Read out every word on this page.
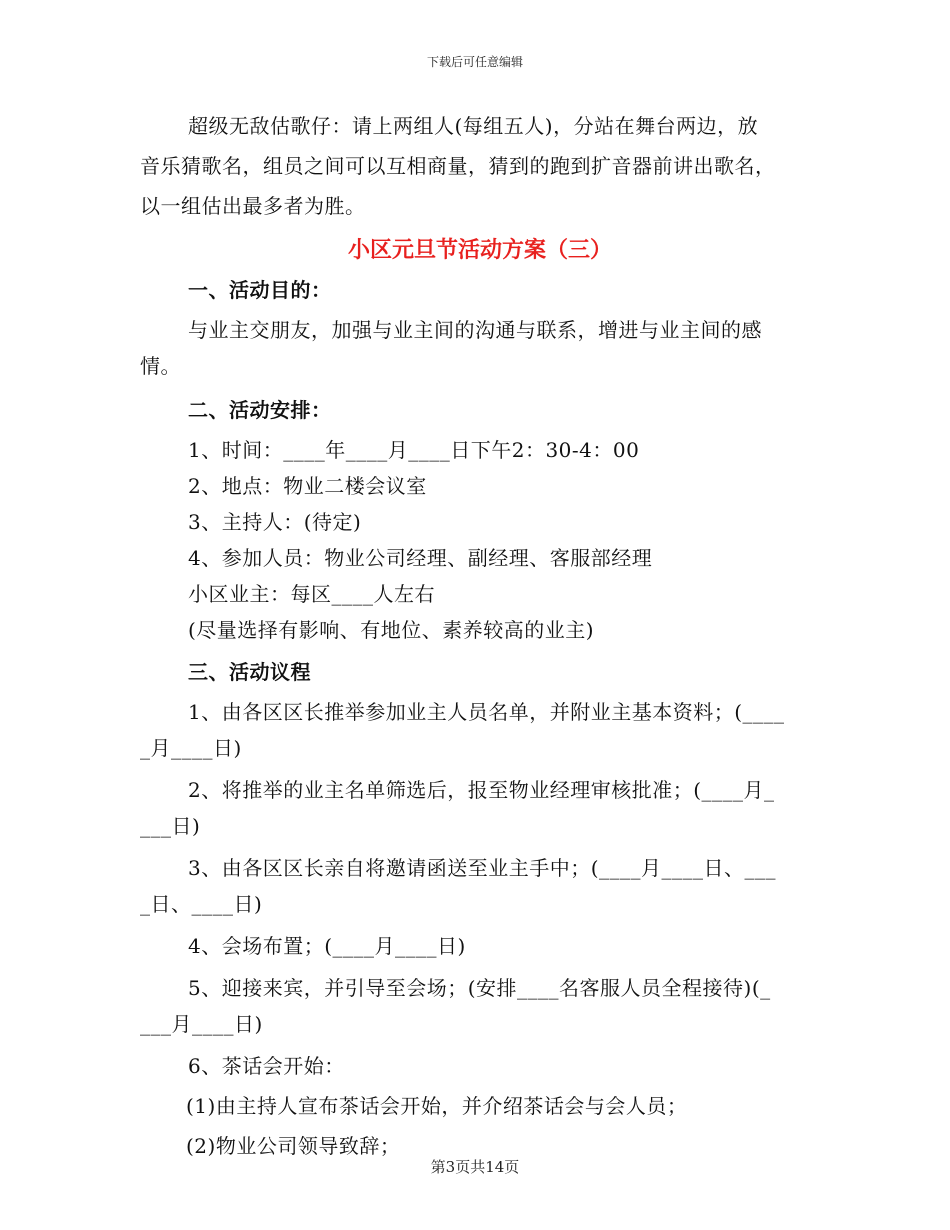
下载后可任意编辑
超级无敌估歌仔：请上两组人(每组五人)，分站在舞台两边，放
音乐猜歌名，组员之间可以互相商量，猜到的跑到扩音器前讲出歌名，
以一组估出最多者为胜。
小区元旦节活动方案（三）
一、活动目的：
与业主交朋友，加强与业主间的沟通与联系，增进与业主间的感
情。
二、活动安排：
1、时间：____年____月____日下午2：30-4：00
2、地点：物业二楼会议室
3、主持人：(待定)
4、参加人员：物业公司经理、副经理、客服部经理
小区业主：每区____人左右
(尽量选择有影响、有地位、素养较高的业主)
三、活动议程
1、由各区区长推举参加业主人员名单，并附业主基本资料；(____
_月____日)
2、将推举的业主名单筛选后，报至物业经理审核批准；(____月_
___日)
3、由各区区长亲自将邀请函送至业主手中；(____月____日、___
_日、____日)
4、会场布置；(____月____日)
5、迎接来宾，并引导至会场；(安排____名客服人员全程接待)(_
___月____日)
6、茶话会开始：
(1)由主持人宣布茶话会开始，并介绍茶话会与会人员；
(2)物业公司领导致辞；
第3页共14页
